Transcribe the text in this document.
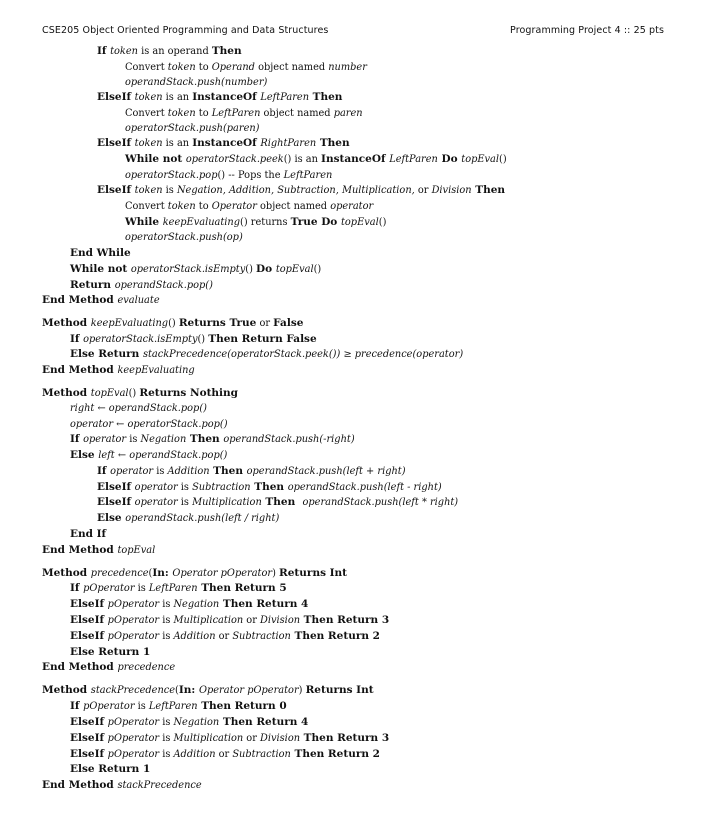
CSE205 Object Oriented Programming and Data Structures	Programming Project 4 :: 25 pts
If token is an operand Then
Convert token to Operand object named number
operandStack.push(number)
ElseIf token is an InstanceOf LeftParen Then
Convert token to LeftParen object named paren
operatorStack.push(paren)
ElseIf token is an InstanceOf RightParen Then
While not operatorStack.peek() is an InstanceOf LeftParen Do topEval()
operatorStack.pop() -- Pops the LeftParen
ElseIf token is Negation, Addition, Subtraction, Multiplication, or Division Then
Convert token to Operator object named operator
While keepEvaluating() returns True Do topEval()
operatorStack.push(op)
End While
While not operatorStack.isEmpty() Do topEval()
Return operandStack.pop()
End Method evaluate
Method keepEvaluating() Returns True or False
If operatorStack.isEmpty() Then Return False
Else Return stackPrecedence(operatorStack.peek()) ≥ precedence(operator)
End Method keepEvaluating
Method topEval() Returns Nothing
right ← operandStack.pop()
operator ← operatorStack.pop()
If operator is Negation Then operandStack.push(-right)
Else left ← operandStack.pop()
If operator is Addition Then operandStack.push(left + right)
ElseIf operator is Subtraction Then operandStack.push(left - right)
ElseIf operator is Multiplication Then  operandStack.push(left * right)
Else operandStack.push(left / right)
End If
End Method topEval
Method precedence(In: Operator pOperator) Returns Int
If pOperator is LeftParen Then Return 5
ElseIf pOperator is Negation Then Return 4
ElseIf pOperator is Multiplication or Division Then Return 3
ElseIf pOperator is Addition or Subtraction Then Return 2
Else Return 1
End Method precedence
Method stackPrecedence(In: Operator pOperator) Returns Int
If pOperator is LeftParen Then Return 0
ElseIf pOperator is Negation Then Return 4
ElseIf pOperator is Multiplication or Division Then Return 3
ElseIf pOperator is Addition or Subtraction Then Return 2
Else Return 1
End Method stackPrecedence
